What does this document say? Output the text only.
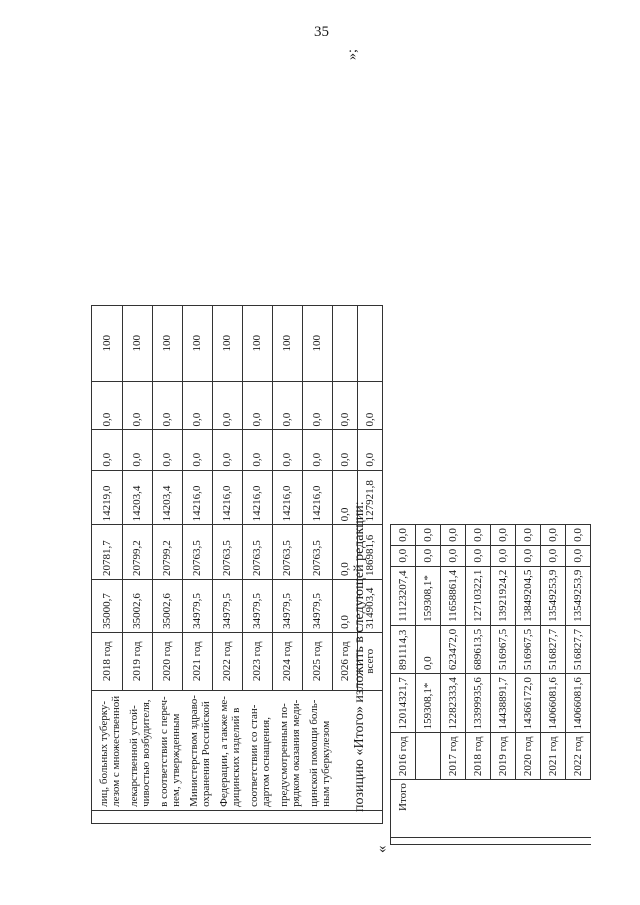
35

	лиц, больных туберку- лезом с множественной	2018 год	35000,7	20781,7	14219,0	0,0	0,0	100

	лекарственной устой- чивостью возбудителя,	2019 год	35002,6	20799,2	14203,4	0,0	0,0	100

	в соответствии с переч- нем, утвержденным	2020 год	35002,6	20799,2	14203,4	0,0	0,0	100

	Министерством здраво- охранения Российской	2021 год	34979,5	20763,5	14216,0	0,0	0,0	100

	Федерации, а также ме- дицинских изделий в	2022 год	34979,5	20763,5	14216,0	0,0	0,0	100

	соответствии со стан- дартом оснащения,	2023 год	34979,5	20763,5	14216,0	0,0	0,0	100

	предусмотренным по- рядком оказания меди-	2024 год	34979,5	20763,5	14216,0	0,0	0,0	100

	цинской помощи боль- ным туберкулезом	2025 год	34979,5	20763,5	14216,0	0,0	0,0	100
		2026 год	0,0	0,0	0,0	0,0	0,0	
		всего	314903,4	186981,6	127921,8	0,0	0,0	
позицию «Итого» изложить в следующей редакции:
«
»;
	Итого	2016 год	12014321,7	891114,3	11123207,4	0,0	0,0
			159308,1*	0,0	159308,1*	0,0	0,0
		2017 год	12282333,4	623472,0	11658861,4	0,0	0,0
		2018 год	13399935,6	689613,5	12710322,1	0,0	0,0
		2019 год	14438891,7	516967,5	13921924,2	0,0	0,0
		2020 год	14366172,0	516967,5	13849204,5	0,0	0,0
		2021 год	14066081,6	516827,7	13549253,9	0,0	0,0
		2022 год	14066081,6	516827,7	13549253,9	0,0	0,0
